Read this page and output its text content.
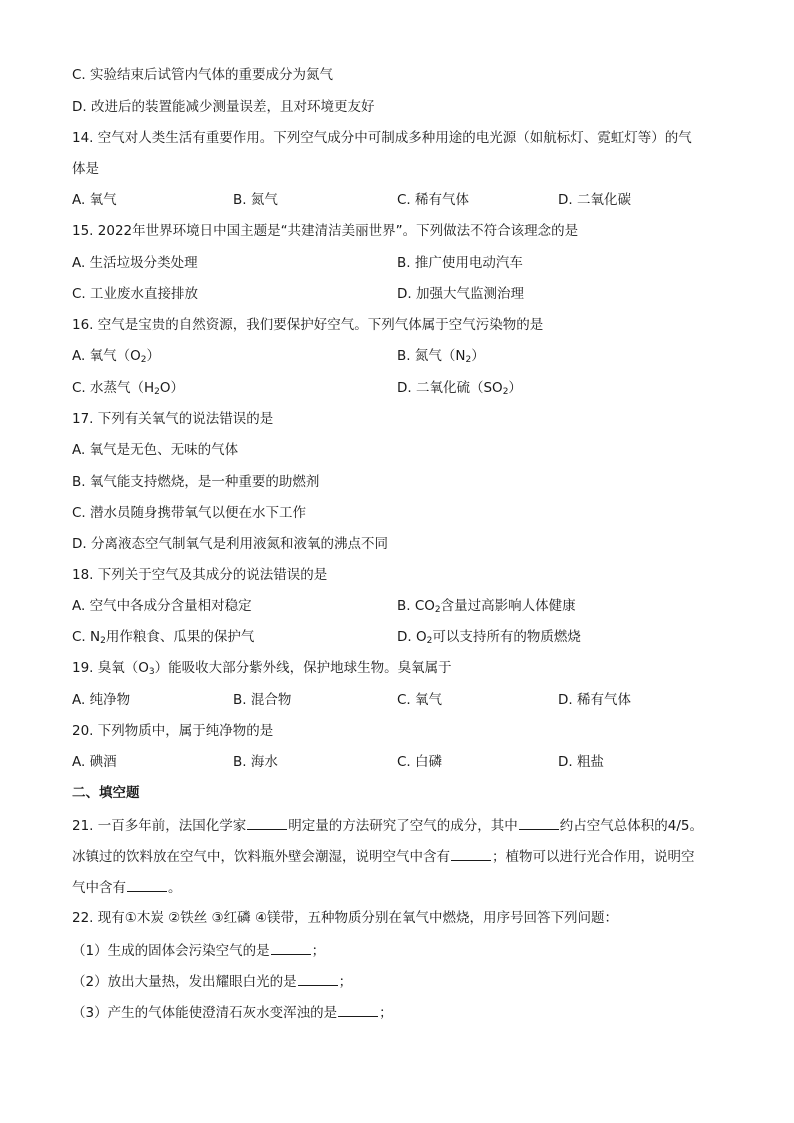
C. 实验结束后试管内气体的重要成分为氮气
D. 改进后的装置能减少测量误差，且对环境更友好
14. 空气对人类生活有重要作用。下列空气成分中可制成多种用途的电光源（如航标灯、霓虹灯等）的气
体是
A. 氧气	B. 氮气	C. 稀有气体	D. 二氧化碳
15. 2022年世界环境日中国主题是“共建清洁美丽世界”。下列做法不符合该理念的是
A. 生活垃圾分类处理	B. 推广使用电动汽车
C. 工业废水直接排放	D. 加强大气监测治理
16. 空气是宝贵的自然资源，我们要保护好空气。下列气体属于空气污染物的是
A. 氧气$(O_2)$	B. 氮气$(N_2)$
C. 水蒸气$(H_2O)$	D. 二氧化硫$(SO_2)$
17. 下列有关氧气的说法错误的是
A. 氧气是无色、无味的气体
B. 氧气能支持燃烧，是一种重要的助燃剂
C. 潜水员随身携带氧气以便在水下工作
D. 分离液态空气制氧气是利用液氮和液氧的沸点不同
18. 下列关于空气及其成分的说法错误的是
A. 空气中各成分含量相对稳定	B. $CO_2$含量过高影响人体健康
C. $N_2$用作粮食、瓜果的保护气	D. $O_2$可以支持所有的物质燃烧
19. 臭氧$(O_3)$能吸收大部分紫外线，保护地球生物。臭氧属于
A. 纯净物	B. 混合物	C. 氧气	D. 稀有气体
20. 下列物质中，属于纯净物的是
A. 碘酒	B. 海水	C. 白磷	D. 粗盐
二、填空题
21. 一百多年前，法国化学家	明定量的方法研究了空气的成分，其中	约占空气总体积的4/5。
冰镇过的饮料放在空气中，饮料瓶外壁会潮湿，说明空气中含有	；植物可以进行光合作用，说明空
气中含有	。
22. 现有①木炭 ②铁丝 ③红磷 ④镁带，五种物质分别在氧气中燃烧，用序号回答下列问题：
（1）生成的固体会污染空气的是	；
（2）放出大量热，发出耀眼白光的是	；
（3）产生的气体能使澄清石灰水变浑浊的是	；
